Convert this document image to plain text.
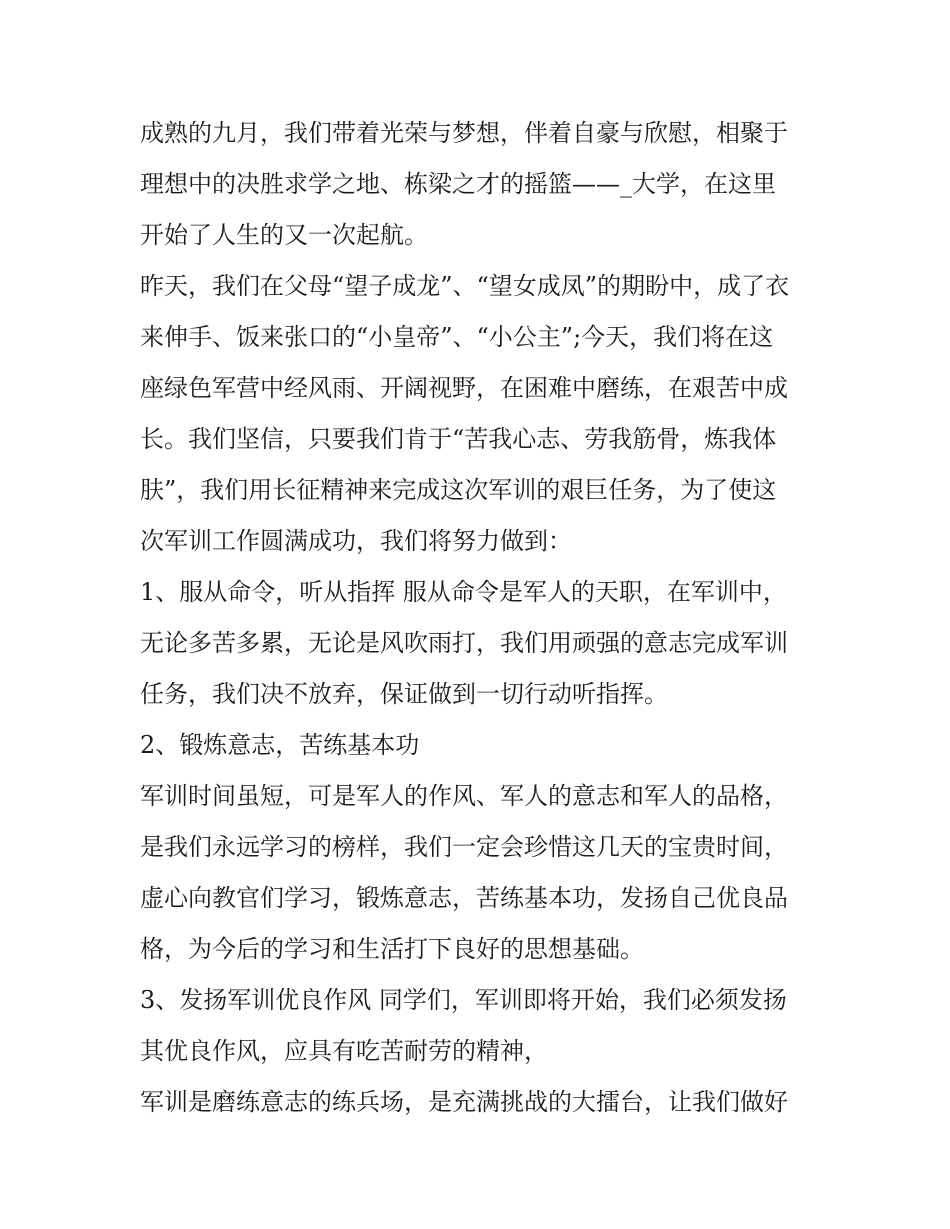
成熟的九月，我们带着光荣与梦想，伴着自豪与欣慰，相聚于
理想中的决胜求学之地、栋梁之才的摇篮——_大学，在这里
开始了人生的又一次起航。
昨天，我们在父母“望子成龙”、“望女成凤”的期盼中，成了衣
来伸手、饭来张口的“小皇帝”、“小公主”;今天，我们将在这
座绿色军营中经风雨、开阔视野，在困难中磨练，在艰苦中成
长。我们坚信，只要我们肯于“苦我心志、劳我筋骨，炼我体
肤”，我们用长征精神来完成这次军训的艰巨任务，为了使这
次军训工作圆满成功，我们将努力做到：
1、服从命令，听从指挥 服从命令是军人的天职，在军训中，
无论多苦多累，无论是风吹雨打，我们用顽强的意志完成军训
任务，我们决不放弃，保证做到一切行动听指挥。
2、锻炼意志，苦练基本功
军训时间虽短，可是军人的作风、军人的意志和军人的品格，
是我们永远学习的榜样，我们一定会珍惜这几天的宝贵时间，
虚心向教官们学习，锻炼意志，苦练基本功，发扬自己优良品
格，为今后的学习和生活打下良好的思想基础。
3、发扬军训优良作风 同学们，军训即将开始，我们必须发扬
其优良作风，应具有吃苦耐劳的精神，
军训是磨练意志的练兵场，是充满挑战的大擂台，让我们做好
